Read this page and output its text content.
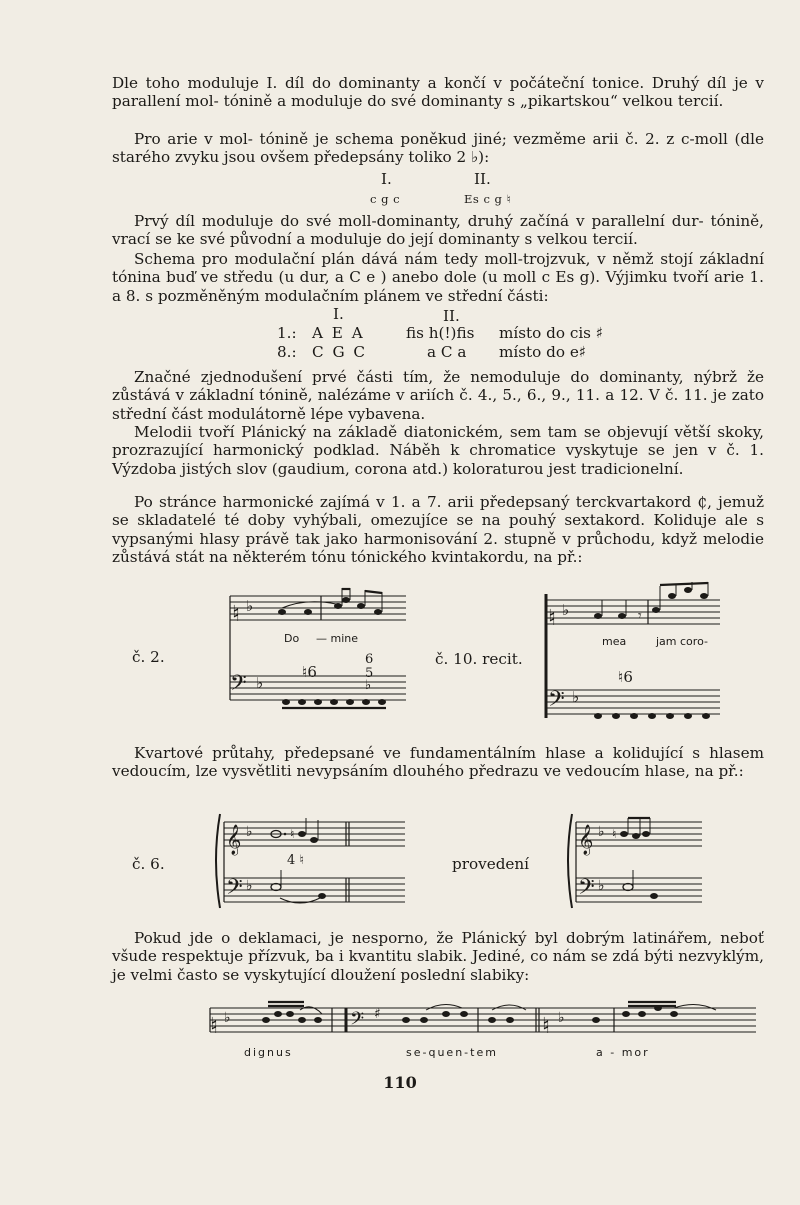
Dle toho moduluje I. díl do dominanty a končí v počáteční tonice. Druhý díl je v parallení mol- tónině a moduluje do své dominanty s „pikartskou“ velkou tercií.

Pro arie v mol- tónině je schema poněkud jiné; vezměme arii č. 2. z c-moll (dle starého zvyku jsou ovšem předepsány toliko 2 ♭):

I.	II.
c g c	Es c g ♮

Prvý díl moduluje do své moll-dominanty, druhý začíná v parallelní dur- tónině, vrací se ke své původní a moduluje do její dominanty s velkou tercií.

Schema pro modulační plán dává nám tedy moll-trojzvuk, v němž stojí základní tónina buď ve středu (u dur, a C e ) anebo dole (u moll c Es g). Výjimku tvoří arie 1. a 8. s pozměněným modulačním plánem ve střední části:

I.	II.
1.: A E A	fis h(!)fis místo do cis ♯
8.: C G C	a C a místo do e♯

Značné zjednodušení prvé části tím, že nemoduluje do dominanty, nýbrž že zůstává v základní tónině, nalézáme v ariích č. 4., 5., 6., 9., 11. a 12. V č. 11. je zato střední část modulátorně lépe vybavena.

Melodii tvoří Plánický na základě diatonickém, sem tam se objevují větší skoky, prozrazující harmonický podklad. Náběh k chromatice vyskytuje se jen v č. 1. Výzdoba jistých slov (gaudium, corona atd.) koloraturou jest tradicionelní.

Po stránce harmonické zajímá v 1. a 7. arii předepsaný terckvartakord ₵, jemuž se skladatelé té doby vyhýbali, omezujíce se na pouhý sextakord. Koliduje ale s vypsanými hlasy právě tak jako harmonisování 2. stupně v průchodu, když melodie zůstává stát na některém tónu tónického kvintakordu, na př.:

♮ ♭
𝄢 ♭
Do — mine
č. 2.
♮6
6
5
♭
č. 10. recit.
♮ ♭
𝄢 ♭
𝄾
mea	jam coro-
♮6

Kvartové průtahy, předepsané ve fundamentálním hlase a kolidující s hlasem vedoucím, lze vysvětliti nevypsáním dlouhého předrazu ve vedoucím hlase, na př.:

č. 6.
𝄞 ♭
𝄢 ♭
♮
4 ♮	provedení
𝄞 ♭
𝄢 ♭
♮

Pokud jde o deklamaci, je nesporno, že Plánický byl dobrým latinářem, neboť všude respektuje přízvuk, ba i kvantitu slabik. Jediné, co nám se zdá býti nezvyklým, je velmi často se vyskytující dloužení poslední slabiky:

♮ ♭	𝄢 ♯	♮ ♭
dignus	se-quen-tem	a - mor
110
